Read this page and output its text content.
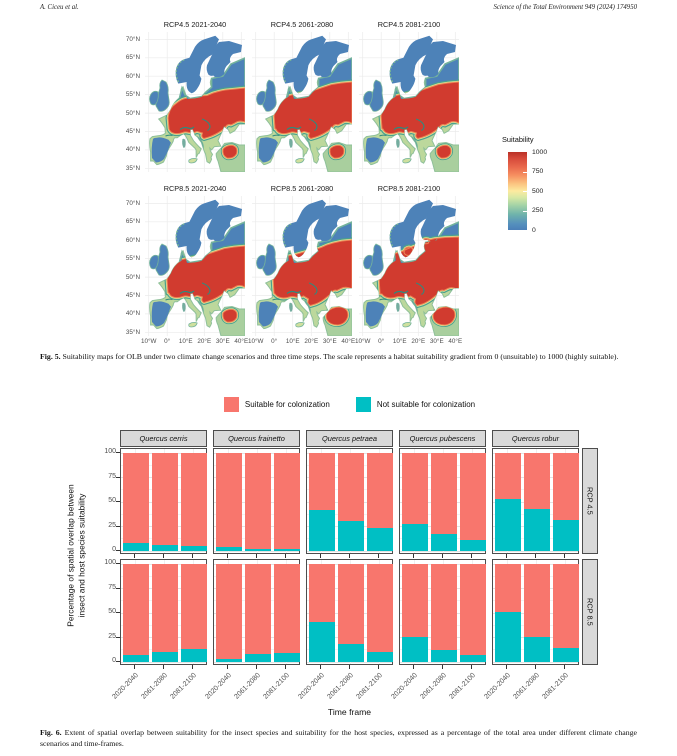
A. Ciceu et al.	Science of the Total Environment 949 (2024) 174950
Suitability
RCP4.5 2021-2040	RCP4.5 2061-2080	RCP4.5 2081-2100
70°N
65°N
60°N
55°N
50°N
45°N
40°N
35°N
RCP8.5 2021-2040	RCP8.5 2061-2080	RCP8.5 2081-2100
70°N
65°N
60°N
55°N
50°N
45°N
40°N
35°N
10°W	10°W	10°W
0°	0°	0°
10°E	10°E	10°E
20°E	20°E	20°E
30°E	30°E	30°E
40°E	40°E	40°E
1000
750
500
250
0

Fig. 5. Suitability maps for OLB under two climate change scenarios and three time steps. The scale represents a habitat suitability gradient from 0 (unsuitable) to 1000 (highly suitable).

Suitable for colonization	Not suitable for colonization
Percentage of spatial overlap between insect and host species suitability
Time frame
Quercus cerris	Quercus frainetto	Quercus petraea	Quercus pubescens	Quercus robur
RCP 4.5
RCP 8.5
0
25
50
75
100
0
25
50
75
100
2020-2040 2061-2080 2081-2100 2020-2040 2061-2080 2081-2100 2020-2040 2061-2080 2081-2100 2020-2040 2061-2080 2081-2100 2020-2040 2061-2080 2081-2100

Fig. 6. Extent of spatial overlap between suitability for the insect species and suitability for the host species, expressed as a percentage of the total area under different climate change scenarios and time-frames.
